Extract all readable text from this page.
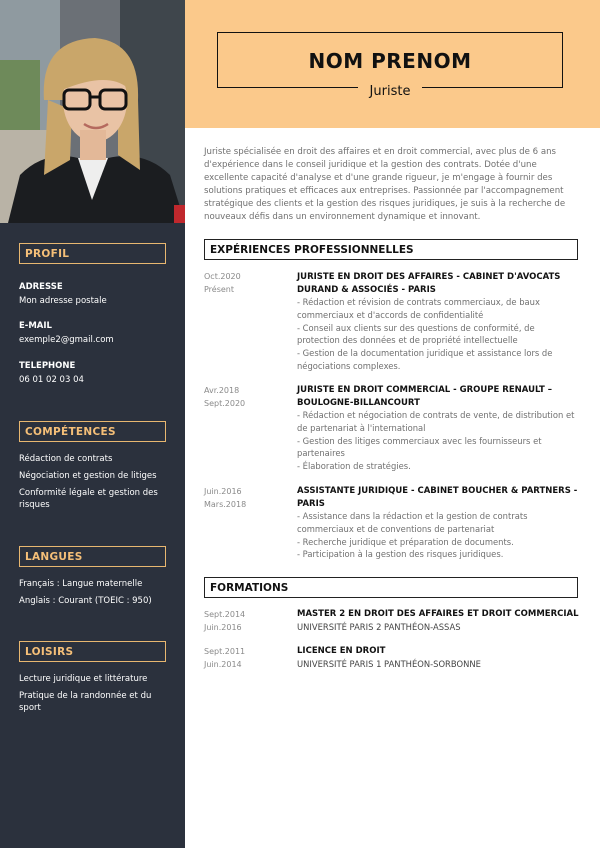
NOM PRENOM
Juriste
Juriste spécialisée en droit des affaires et en droit commercial, avec plus de 6 ans d'expérience dans le conseil juridique et la gestion des contrats. Dotée d'une excellente capacité d'analyse et d'une grande rigueur, je m'engage à fournir des solutions pratiques et efficaces aux entreprises. Passionnée par l'accompagnement stratégique des clients et la gestion des risques juridiques, je suis à la recherche de nouveaux défis dans un environnement dynamique et innovant.
PROFIL
ADRESSE
Mon adresse postale
E-MAIL
exemple2@gmail.com
TELEPHONE
06 01 02 03 04
COMPÉTENCES
Rédaction de contrats
Négociation et gestion de litiges
Conformité légale et gestion des risques
LANGUES
Français : Langue maternelle
Anglais : Courant (TOEIC : 950)
LOISIRS
Lecture juridique et littérature
Pratique de la randonnée et du sport
EXPÉRIENCES PROFESSIONNELLES
Oct.2020
Présent
JURISTE EN DROIT DES AFFAIRES - CABINET D'AVOCATS DURAND & ASSOCIÉS - PARIS
- Rédaction et révision de contrats commerciaux, de baux commerciaux et d'accords de confidentialité
- Conseil aux clients sur des questions de conformité, de protection des données et de propriété intellectuelle
- Gestion de la documentation juridique et assistance lors de négociations complexes.
Avr.2018
Sept.2020
JURISTE EN DROIT COMMERCIAL - GROUPE RENAULT – BOULOGNE-BILLANCOURT
- Rédaction et négociation de contrats de vente, de distribution et de partenariat à l'international
- Gestion des litiges commerciaux avec les fournisseurs et partenaires
- Élaboration de stratégies.
Juin.2016
Mars.2018
ASSISTANTE JURIDIQUE - CABINET BOUCHER & PARTNERS - PARIS
- Assistance dans la rédaction et la gestion de contrats commerciaux et de conventions de partenariat
- Recherche juridique et préparation de documents.
- Participation à la gestion des risques juridiques.
FORMATIONS
Sept.2014
Juin.2016
MASTER 2 EN DROIT DES AFFAIRES ET DROIT COMMERCIAL
UNIVERSITÉ PARIS 2 PANTHÉON-ASSAS
Sept.2011
Juin.2014
LICENCE EN DROIT
UNIVERSITÉ PARIS 1 PANTHÉON-SORBONNE
